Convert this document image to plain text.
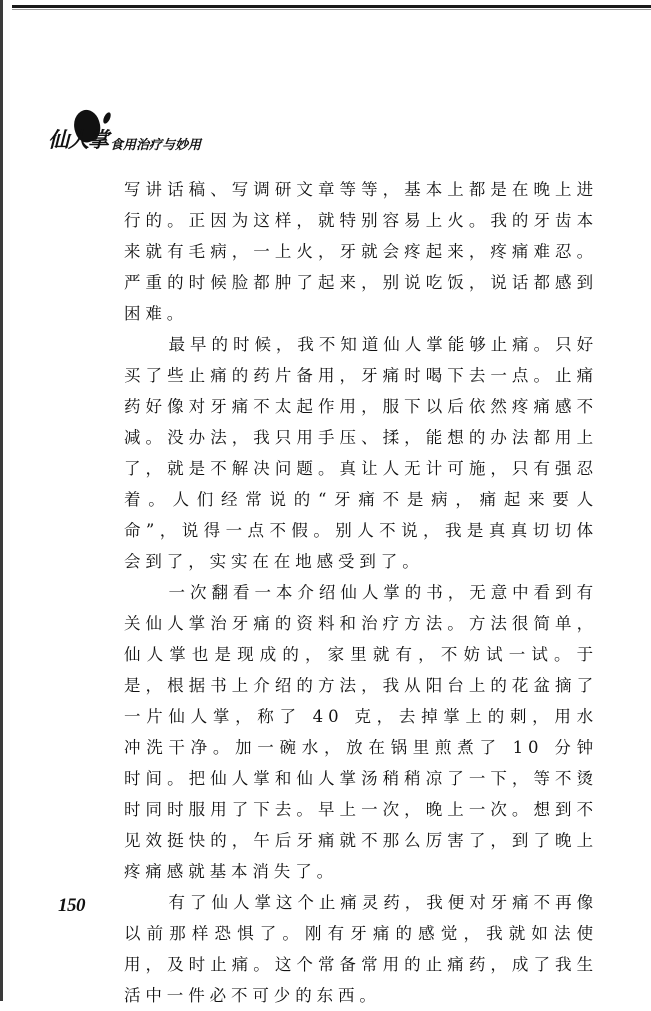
仙人掌 食用治疗与妙用

写讲话稿、写调研文章等等，基本上都是在晚上进行的。正因为这样，就特别容易上火。我的牙齿本来就有毛病，一上火，牙就会疼起来，疼痛难忍。严重的时候脸都肿了起来，别说吃饭，说话都感到困难。

最早的时候，我不知道仙人掌能够止痛。只好买了些止痛的药片备用，牙痛时喝下去一点。止痛药好像对牙痛不太起作用，服下以后依然疼痛感不减。没办法，我只用手压、揉，能想的办法都用上了，就是不解决问题。真让人无计可施，只有强忍着。人们经常说的“牙痛不是病，痛起来要人命”，说得一点不假。别人不说，我是真真切切体会到了，实实在在地感受到了。

一次翻看一本介绍仙人掌的书，无意中看到有关仙人掌治牙痛的资料和治疗方法。方法很简单，仙人掌也是现成的，家里就有，不妨试一试。于是，根据书上介绍的方法，我从阳台上的花盆摘了一片仙人掌，称了 40 克，去掉掌上的刺，用水冲洗干净。加一碗水，放在锅里煎煮了 10 分钟时间。把仙人掌和仙人掌汤稍稍凉了一下，等不烫时同时服用了下去。早上一次，晚上一次。想到不见效挺快的，午后牙痛就不那么厉害了，到了晚上疼痛感就基本消失了。

有了仙人掌这个止痛灵药，我便对牙痛不再像以前那样恐惧了。刚有牙痛的感觉，我就如法使用，及时止痛。这个常备常用的止痛药，成了我生活中一件必不可少的东西。

150
